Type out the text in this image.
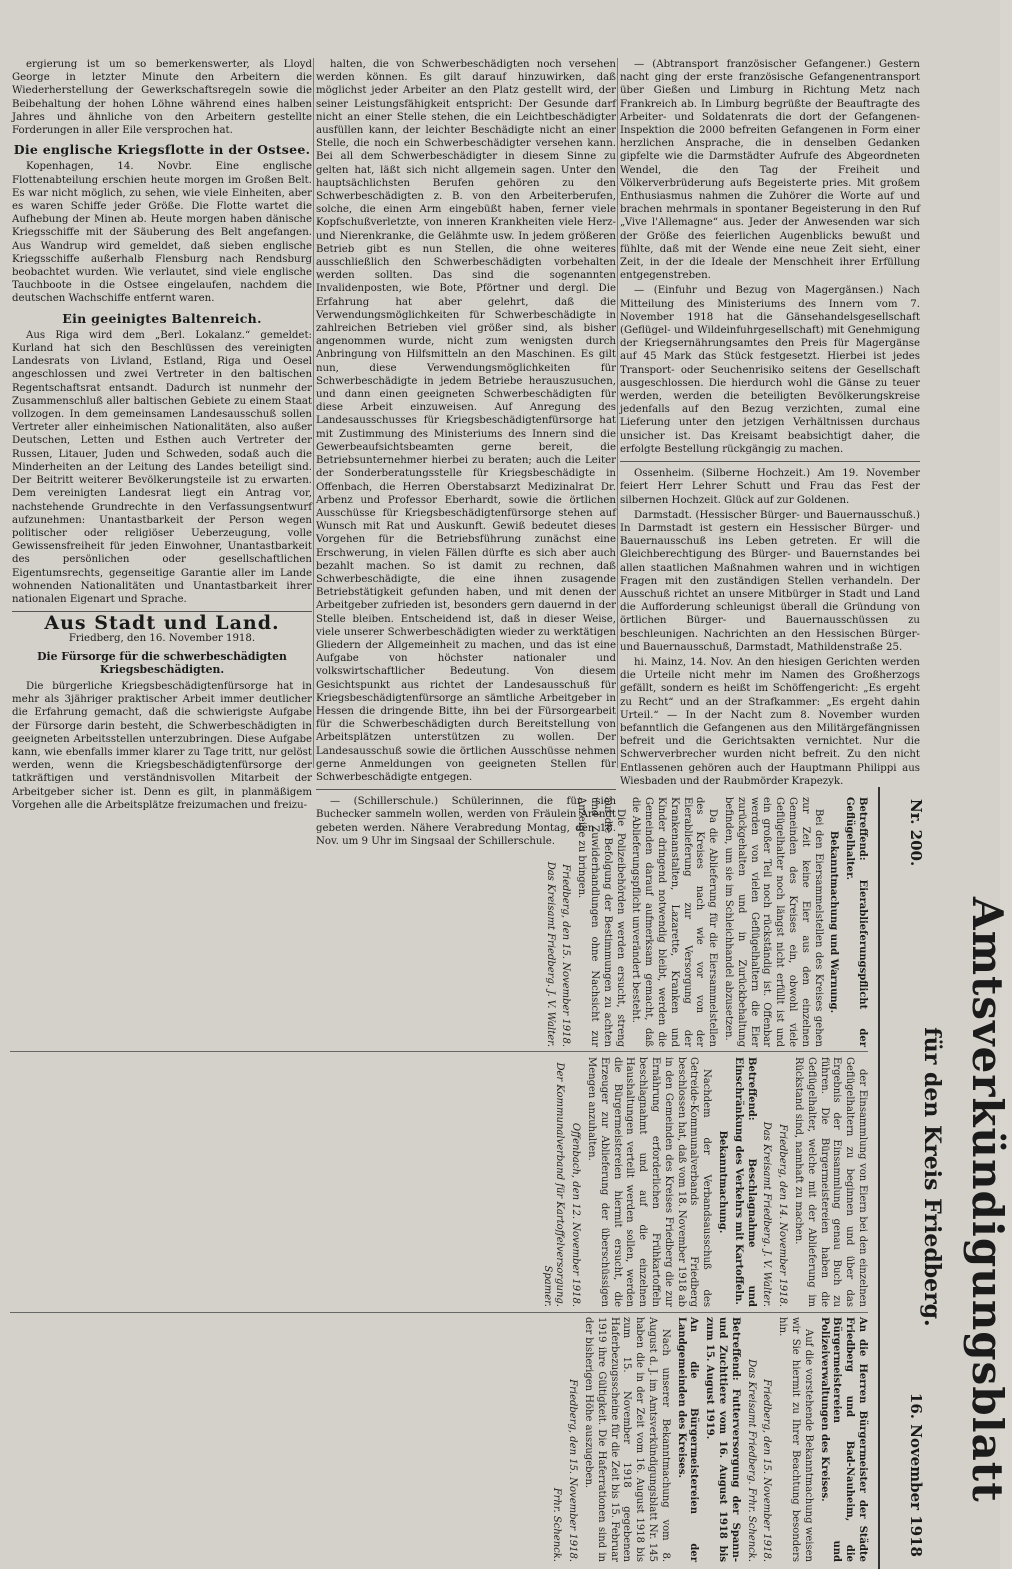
ergierung ist um so bemerkenswerter, als Lloyd George in letzter Minute den Arbeitern die Wiederherstellung der Gewerkschaftsregeln sowie die Beibehaltung der hohen Löhne während eines halben Jahres und ähnliche von den Arbeitern gestellte Forderungen in aller Eile versprochen hat.

Die englische Kriegsflotte in der Ostsee.

Kopenhagen, 14. Novbr. Eine englische Flottenabteilung erschien heute morgen im Großen Belt. Es war nicht möglich, zu sehen, wie viele Einheiten, aber es waren Schiffe jeder Größe. Die Flotte wartet die Aufhebung der Minen ab. Heute morgen haben dänische Kriegsschiffe mit der Säuberung des Belt angefangen. Aus Wandrup wird gemeldet, daß sieben englische Kriegsschiffe außerhalb Flensburg nach Rendsburg beobachtet wurden. Wie verlautet, sind viele englische Tauchboote in die Ostsee eingelaufen, nachdem die deutschen Wachschiffe entfernt waren.

Ein geeinigtes Baltenreich.

Aus Riga wird dem „Berl. Lokalanz.“ gemeldet: Kurland hat sich den Beschlüssen des vereinigten Landesrats von Livland, Estland, Riga und Oesel angeschlossen und zwei Vertreter in den baltischen Regentschaftsrat entsandt. Dadurch ist nunmehr der Zusammenschluß aller baltischen Gebiete zu einem Staat vollzogen. In dem gemeinsamen Landesausschuß sollen Vertreter aller einheimischen Nationalitäten, also außer Deutschen, Letten und Esthen auch Vertreter der Russen, Litauer, Juden und Schweden, sodaß auch die Minderheiten an der Leitung des Landes beteiligt sind. Der Beitritt weiterer Bevölkerungsteile ist zu erwarten. Dem vereinigten Landesrat liegt ein Antrag vor, nachstehende Grundrechte in den Verfassungsentwurf aufzunehmen: Unantastbarkeit der Person wegen politischer oder religiöser Ueberzeugung, volle Gewissensfreiheit für jeden Einwohner, Unantastbarkeit des persönlichen oder gesellschaftlichen Eigentumsrechts, gegenseitige Garantie aller im Lande wohnenden Nationalitäten und Unantastbarkeit ihrer nationalen Eigenart und Sprache.

Aus Stadt und Land.

Friedberg, den 16. November 1918.

Die Fürsorge für die schwerbeschädigten Kriegsbeschädigten.

Die bürgerliche Kriegsbeschädigtenfürsorge hat in mehr als 3jähriger praktischer Arbeit immer deutlicher die Erfahrung gemacht, daß die schwierigste Aufgabe der Fürsorge darin besteht, die Schwerbeschädigten in geeigneten Arbeitsstellen unterzubringen. Diese Aufgabe kann, wie ebenfalls immer klarer zu Tage tritt, nur gelöst werden, wenn die Kriegsbeschädigtenfürsorge der tatkräftigen und verständnisvollen Mitarbeit der Arbeitgeber sicher ist. Denn es gilt, in planmäßigem Vorgehen alle die Arbeitsplätze freizumachen und freizu-

halten, die von Schwerbeschädigten noch versehen werden können. Es gilt darauf hinzuwirken, daß möglichst jeder Arbeiter an den Platz gestellt wird, der seiner Leistungsfähigkeit entspricht: Der Gesunde darf nicht an einer Stelle stehen, die ein Leichtbeschädigter ausfüllen kann, der leichter Beschädigte nicht an einer Stelle, die noch ein Schwerbeschädigter versehen kann. Bei all dem Schwerbeschädigter in diesem Sinne zu gelten hat, läßt sich nicht allgemein sagen. Unter den hauptsächlichsten Berufen gehören zu den Schwerbeschädigten z. B. von den Arbeiterberufen, solche, die einen Arm eingebüßt haben, ferner viele Kopfschußverletzte, von inneren Krankheiten viele Herz- und Nierenkranke, die Gelähmte usw. In jedem größeren Betrieb gibt es nun Stellen, die ohne weiteres ausschließlich den Schwerbeschädigten vorbehalten werden sollten. Das sind die sogenannten Invalidenposten, wie Bote, Pförtner und dergl. Die Erfahrung hat aber gelehrt, daß die Verwendungsmöglichkeiten für Schwerbeschädigte in zahlreichen Betrieben viel größer sind, als bisher angenommen wurde, nicht zum wenigsten durch Anbringung von Hilfsmitteln an den Maschinen. Es gilt nun, diese Verwendungsmöglichkeiten für Schwerbeschädigte in jedem Betriebe herauszusuchen, und dann einen geeigneten Schwerbeschädigten für diese Arbeit einzuweisen. Auf Anregung des Landesausschusses für Kriegsbeschädigtenfürsorge hat mit Zustimmung des Ministeriums des Innern sind die Gewerbeaufsichtsbeamten gerne bereit, die Betriebsunternehmer hierbei zu beraten; auch die Leiter der Sonderberatungsstelle für Kriegsbeschädigte in Offenbach, die Herren Oberstabsarzt Medizinalrat Dr. Arbenz und Professor Eberhardt, sowie die örtlichen Ausschüsse für Kriegsbeschädigtenfürsorge stehen auf Wunsch mit Rat und Auskunft. Gewiß bedeutet dieses Vorgehen für die Betriebsführung zunächst eine Erschwerung, in vielen Fällen dürfte es sich aber auch bezahlt machen. So ist damit zu rechnen, daß Schwerbeschädigte, die eine ihnen zusagende Betriebstätigkeit gefunden haben, und mit denen der Arbeitgeber zufrieden ist, besonders gern dauernd in der Stelle bleiben. Entscheidend ist, daß in dieser Weise, viele unserer Schwerbeschädigten wieder zu werktätigen Gliedern der Allgemeinheit zu machen, und das ist eine Aufgabe von höchster nationaler und volkswirtschaftlicher Bedeutung. Von diesem Gesichtspunkt aus richtet der Landesausschuß für Kriegsbeschädigtenfürsorge an sämtliche Arbeitgeber in Hessen die dringende Bitte, ihn bei der Fürsorgearbeit für die Schwerbeschädigten durch Bereitstellung von Arbeitsplätzen unterstützen zu wollen. Der Landesausschuß sowie die örtlichen Ausschüsse nehmen gerne Anmeldungen von geeigneten Stellen für Schwerbeschädigte entgegen.

— (Schillerschule.) Schülerinnen, die für sich Buchecker sammeln wollen, werden von Fräulein Arendt gebeten werden. Nähere Verabredung Montag, den 18. Nov. um 9 Uhr im Singsaal der Schillerschule.

— (Abtransport französischer Gefangener.) Gestern nacht ging der erste französische Gefangenentransport über Gießen und Limburg in Richtung Metz nach Frankreich ab. In Limburg begrüßte der Beauftragte des Arbeiter- und Soldatenrats die dort der Gefangenen-Inspektion die 2000 befreiten Gefangenen in Form einer herzlichen Ansprache, die in denselben Gedanken gipfelte wie die Darmstädter Aufrufe des Abgeordneten Wendel, die den Tag der Freiheit und Völkerverbrüderung aufs Begeisterte pries. Mit großem Enthusiasmus nahmen die Zuhörer die Worte auf und brachen mehrmals in spontaner Begeisterung in den Ruf „Vive l'Allemagne“ aus. Jeder der Anwesenden war sich der Größe des feierlichen Augenblicks bewußt und fühlte, daß mit der Wende eine neue Zeit sieht, einer Zeit, in der die Ideale der Menschheit ihrer Erfüllung entgegenstreben.

— (Einfuhr und Bezug von Magergänsen.) Nach Mitteilung des Ministeriums des Innern vom 7. November 1918 hat die Gänsehandelsgesellschaft (Geflügel- und Wildeinfuhrgesellschaft) mit Genehmigung der Kriegsernährungsamtes den Preis für Magergänse auf 45 Mark das Stück festgesetzt. Hierbei ist jedes Transport- oder Seuchenrisiko seitens der Gesellschaft ausgeschlossen. Die hierdurch wohl die Gänse zu teuer werden, werden die beteiligten Bevölkerungskreise jedenfalls auf den Bezug verzichten, zumal eine Lieferung unter den jetzigen Verhältnissen durchaus unsicher ist. Das Kreisamt beabsichtigt daher, die erfolgte Bestellung rückgängig zu machen.

Ossenheim. (Silberne Hochzeit.) Am 19. November feiert Herr Lehrer Schutt und Frau das Fest der silbernen Hochzeit. Glück auf zur Goldenen.

Darmstadt. (Hessischer Bürger- und Bauernausschuß.) In Darmstadt ist gestern ein Hessischer Bürger- und Bauernausschuß ins Leben getreten. Er will die Gleichberechtigung des Bürger- und Bauernstandes bei allen staatlichen Maßnahmen wahren und in wichtigen Fragen mit den zuständigen Stellen verhandeln. Der Ausschuß richtet an unsere Mitbürger in Stadt und Land die Aufforderung schleunigst überall die Gründung von örtlichen Bürger- und Bauernausschüssen zu beschleunigen. Nachrichten an den Hessischen Bürger- und Bauernausschuß, Darmstadt, Mathildenstraße 25.

hi. Mainz, 14. Nov. An den hiesigen Gerichten werden die Urteile nicht mehr im Namen des Großherzogs gefällt, sondern es heißt im Schöffengericht: „Es ergeht zu Recht“ und an der Strafkammer: „Es ergeht dahin Urteil.“ — In der Nacht zum 8. November wurden befanntlich die Gefangenen aus den Militärgefängnissen befreit und die Gerichtsakten vernichtet. Nur die Schwerverbrecher wurden nicht befreit. Zu den nicht Entlassenen gehören auch der Hauptmann Philippi aus Wiesbaden und der Raubmörder Krapezyk.

Nr. 200.
Amtsverkündigungsblatt
für den Kreis Friedberg.
16. November 1918

Betreffend: Eierablieferungspflicht der Geflügelhalter.

Bekanntmachung und Warnung.

Bei den Eiersammelstellen des Kreises gehen zur Zeit keine Eier aus den einzelnen Gemeinden des Kreises ein, obwohl viele Geflügelhalter noch längst nicht erfüllt ist und ein großer Teil noch rückständig ist. Offenbar werden von vielen Geflügelhaltern die Eier zurückgehalten und in Zurückbehaltung befinden, um sie im Schleichhandel abzusetzen.

Da die Ablieferung für die Eiersammelstellen des Kreises nach wie vor von der Eierablieferung zur Versorgung der Krankenanstalten, Lazarette, Kranken und Kinder dringend notwendig bleibt, werden die Gemeinden darauf aufmerksam gemacht, daß die Ablieferungspflicht unverändert besteht.

Die Polizeibehörden werden ersucht, streng auf die Befolgung der Bestimmungen zu achten und Zuwiderhandlungen ohne Nachsicht zur Anzeige zu bringen.

Friedberg, den 15. November 1918.

Das Kreisamt Friedberg. J. V. Walter.

der Einsammlung von Eiern bei den einzelnen Geflügelhaltern zu beginnen und über das Ergebnis der Einsammlung genau Buch zu führen. Die Bürgermeistereien haben die Geflügelhalter, welche mit der Ablieferung im Rückstand sind, namhaft zu machen.

Friedberg, den 14. November 1918.

Das Kreisamt Friedberg. J. V. Walter.

Betreffend: Beschlagnahme und Einschränkung des Verkehrs mit Kartoffeln.

Bekanntmachung.

Nachdem der Verbandsausschuß des Getreide-Kommunalverbands Friedberg beschlossen hat, daß vom 18. November 1918 ab in den Gemeinden des Kreises Friedberg die zur Ernährung erforderlichen Frühkartoffeln beschlagnahmt und auf die einzelnen Haushaltungen verteilt werden sollen, werden die Bürgermeistereien hiermit ersucht, die Erzeuger zur Ablieferung der überschüssigen Mengen anzuhalten.

Offenbach, den 12. November 1918.

Der Kommunalverband für Kartoffelversorgung. Spamer.

An die Herren Bürgermeister der Städte Friedberg und Bad-Nauheim, die Bürgermeistereien und Polizeiverwaltungen des Kreises.

Auf die vorstehende Bekanntmachung weisen wir Sie hiermit zu Ihrer Beachtung besonders hin.

Friedberg, den 15. November 1918.

Das Kreisamt Friedberg. Frhr. Schenck.

Betreffend: Futterversorgung der Spann- und Zuchttiere vom 16. August 1918 bis zum 15. August 1919.

An die Bürgermeistereien der Landgemeinden des Kreises.

Nach unserer Bekanntmachung vom 8. August d. J. im Amtsverkündigungsblatt Nr. 145 haben die in der Zeit vom 16. August 1918 bis zum 15. November 1918 gegebenen Haferbezugsscheine für die Zeit bis 15. Februar 1919 ihre Gültigkeit. Die Haferrationen sind in der bisherigen Höhe auszugeben.

Friedberg, den 15. November 1918.

Frhr. Schenck.
